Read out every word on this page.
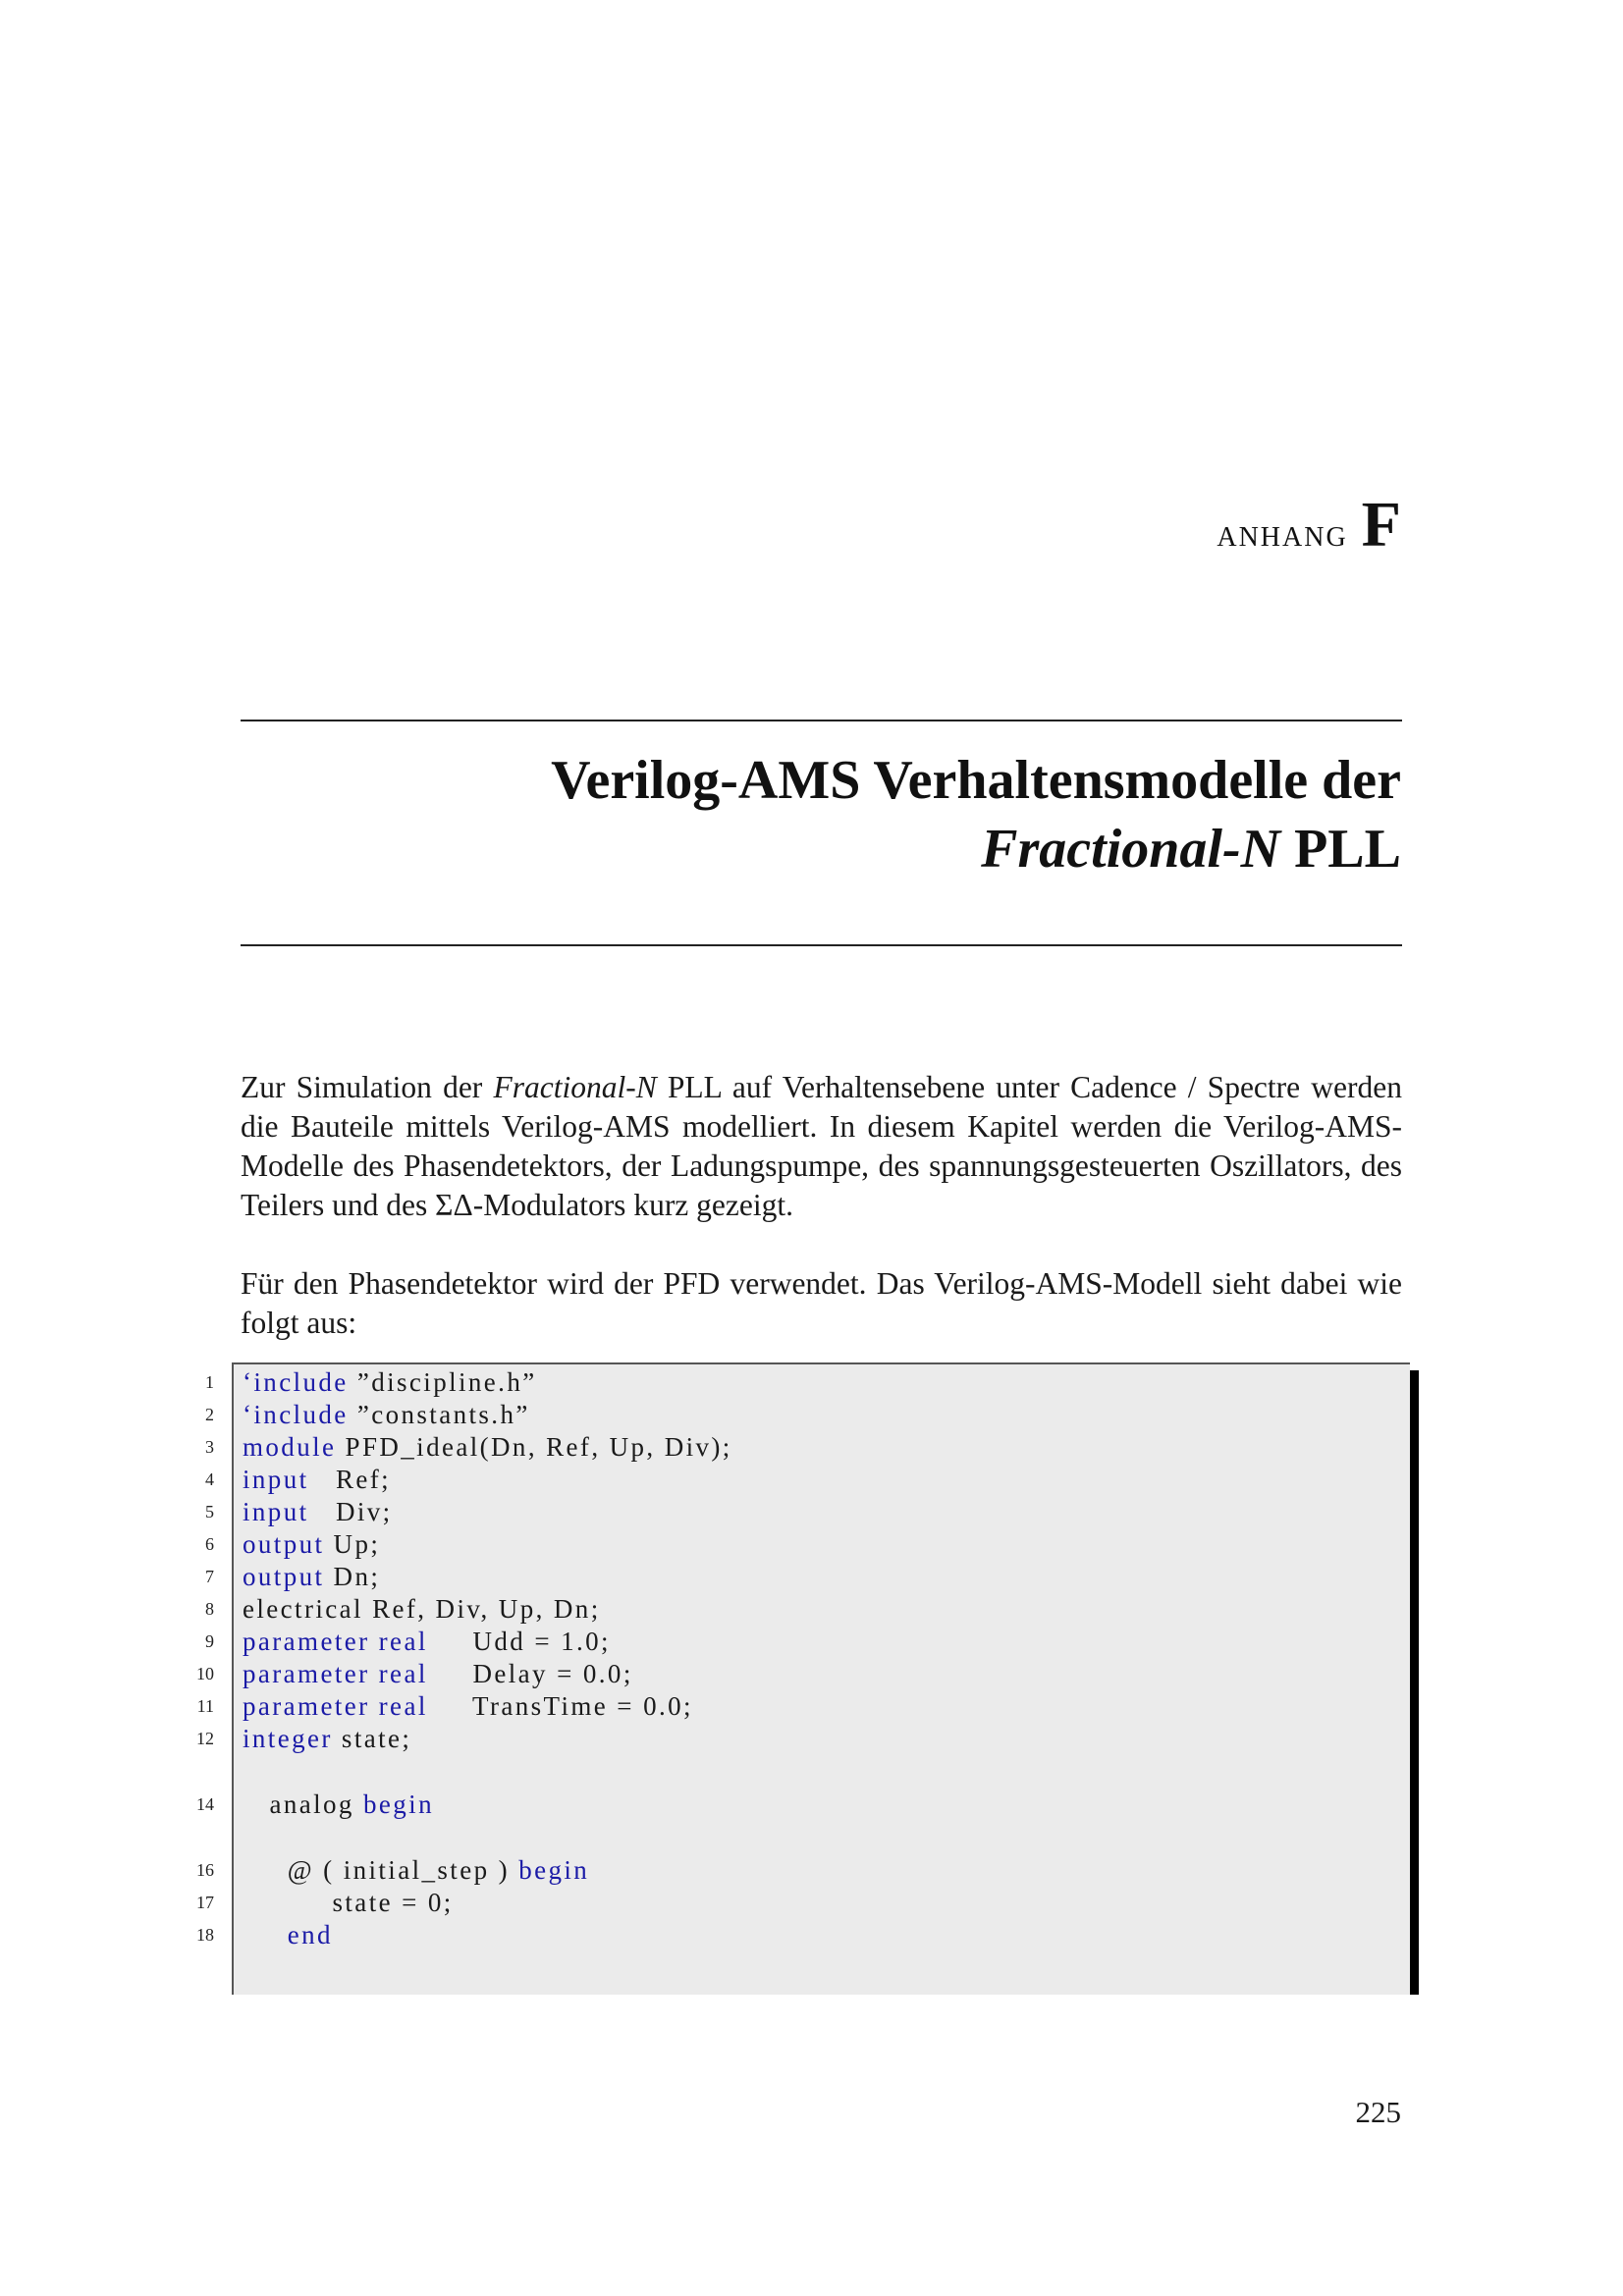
anhang F
Verilog-AMS Verhaltensmodelle der
Fractional-N PLL
Zur Simulation der Fractional-N PLL auf Verhaltensebene unter Cadence / Spectre werden die Bauteile mittels Verilog-AMS modelliert. In diesem Kapitel werden die Verilog-AMS-Modelle des Phasendetektors, der Ladungspumpe, des spannungsgesteuerten Oszillators, des Teilers und des ΣΔ-Modulators kurz gezeigt.
Für den Phasendetektor wird der PFD verwendet. Das Verilog-AMS-Modell sieht dabei wie folgt aus:
1 ‘include ”discipline.h”
2 ‘include ”constants.h”
3 module PFD_ideal(Dn, Ref, Up, Div);
4 input   Ref;
5 input   Div;
6 output Up;
7 output Dn;
8 electrical Ref, Div, Up, Dn;
9 parameter real     Udd = 1.0;
10 parameter real     Delay = 0.0;
11 parameter real     TransTime = 0.0;
12 integer state;
14 analog begin
16 @ ( initial_step ) begin
17 state = 0;
18	end
225
